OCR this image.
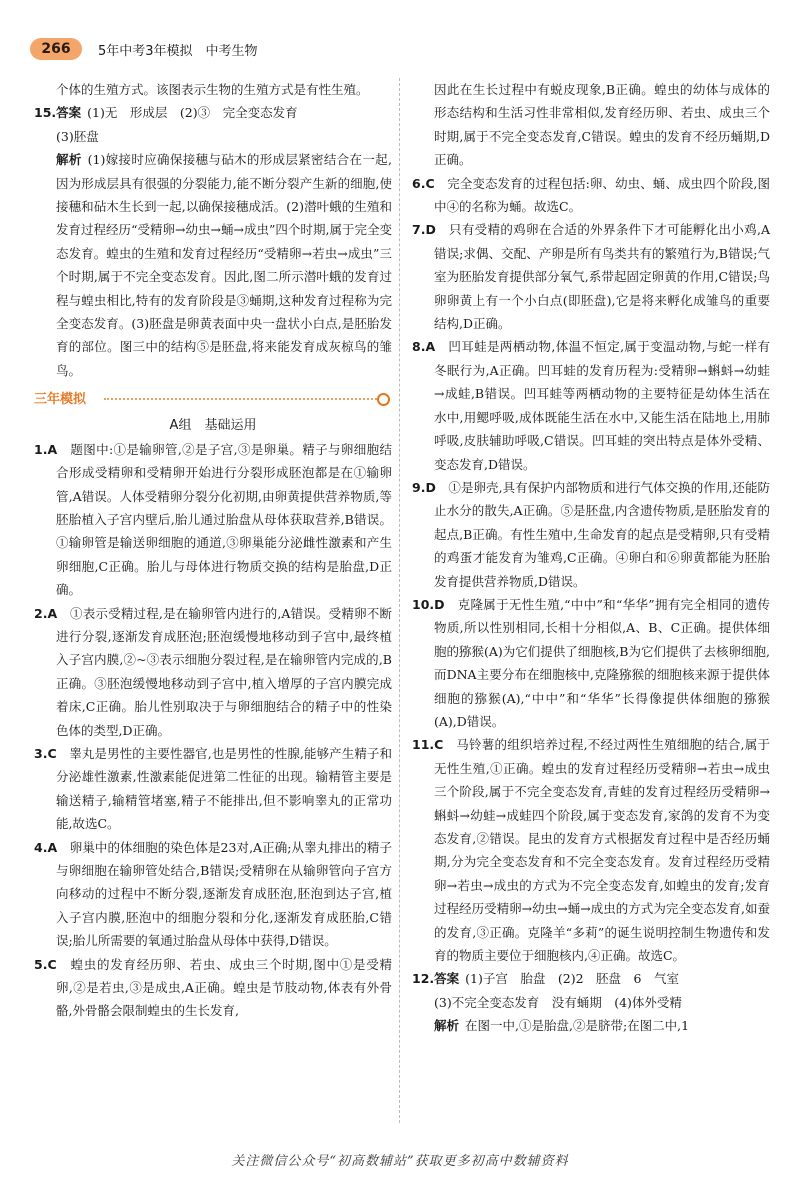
266	5年中考3年模拟　中考生物

个体的生殖方式。该图表示生物的生殖方式是有性生殖。

15.答案 (1)无　形成层　(2)③　完全变态发育

(3)胚盘

解析 (1)嫁接时应确保接穗与砧木的形成层紧密结合在一起,因为形成层具有很强的分裂能力,能不断分裂产生新的细胞,使接穗和砧木生长到一起,以确保接穗成活。(2)潜叶蛾的生殖和发育过程经历“受精卵→幼虫→蛹→成虫”四个时期,属于完全变态发育。蝗虫的生殖和发育过程经历“受精卵→若虫→成虫”三个时期,属于不完全变态发育。因此,图二所示潜叶蛾的发育过程与蝗虫相比,特有的发育阶段是③蛹期,这种发育过程称为完全变态发育。(3)胚盘是卵黄表面中央一盘状小白点,是胚胎发育的部位。图三中的结构⑤是胚盘,将来能发育成灰椋鸟的雏鸟。

三年模拟

A组　基础运用

1.A　 题图中:①是输卵管,②是子宫,③是卵巢。精子与卵细胞结合形成受精卵和受精卵开始进行分裂形成胚泡都是在①输卵管,A错误。人体受精卵分裂分化初期,由卵黄提供营养物质,等胚胎植入子宫内壁后,胎儿通过胎盘从母体获取营养,B错误。①输卵管是输送卵细胞的通道,③卵巢能分泌雌性激素和产生卵细胞,C正确。胎儿与母体进行物质交换的结构是胎盘,D正确。

2.A　 ①表示受精过程,是在输卵管内进行的,A错误。受精卵不断进行分裂,逐渐发育成胚泡;胚泡缓慢地移动到子宫中,最终植入子宫内膜,②~③表示细胞分裂过程,是在输卵管内完成的,B正确。③胚泡缓慢地移动到子宫中,植入增厚的子宫内膜完成着床,C正确。胎儿性别取决于与卵细胞结合的精子中的性染色体的类型,D正确。

3.C　 睾丸是男性的主要性器官,也是男性的性腺,能够产生精子和分泌雄性激素,性激素能促进第二性征的出现。输精管主要是输送精子,输精管堵塞,精子不能排出,但不影响睾丸的正常功能,故选C。

4.A　 卵巢中的体细胞的染色体是23对,A正确;从睾丸排出的精子与卵细胞在输卵管处结合,B错误;受精卵在从输卵管向子宫方向移动的过程中不断分裂,逐渐发育成胚泡,胚泡到达子宫,植入子宫内膜,胚泡中的细胞分裂和分化,逐渐发育成胚胎,C错误;胎儿所需要的氧通过胎盘从母体中获得,D错误。

5.C　 蝗虫的发育经历卵、若虫、成虫三个时期,图中①是受精卵,②是若虫,③是成虫,A正确。蝗虫是节肢动物,体表有外骨骼,外骨骼会限制蝗虫的生长发育,

因此在生长过程中有蜕皮现象,B正确。蝗虫的幼体与成体的形态结构和生活习性非常相似,发育经历卵、若虫、成虫三个时期,属于不完全变态发育,C错误。蝗虫的发育不经历蛹期,D正确。

6.C　 完全变态发育的过程包括:卵、幼虫、蛹、成虫四个阶段,图中④的名称为蛹。故选C。

7.D　 只有受精的鸡卵在合适的外界条件下才可能孵化出小鸡,A错误;求偶、交配、产卵是所有鸟类共有的繁殖行为,B错误;气室为胚胎发育提供部分氧气,系带起固定卵黄的作用,C错误;鸟卵卵黄上有一个小白点(即胚盘),它是将来孵化成雏鸟的重要结构,D正确。

8.A　 凹耳蛙是两栖动物,体温不恒定,属于变温动物,与蛇一样有冬眠行为,A正确。凹耳蛙的发育历程为:受精卵→蝌蚪→幼蛙→成蛙,B错误。凹耳蛙等两栖动物的主要特征是幼体生活在水中,用鳃呼吸,成体既能生活在水中,又能生活在陆地上,用肺呼吸,皮肤辅助呼吸,C错误。凹耳蛙的突出特点是体外受精、变态发育,D错误。

9.D　 ①是卵壳,具有保护内部物质和进行气体交换的作用,还能防止水分的散失,A正确。⑤是胚盘,内含遗传物质,是胚胎发育的起点,B正确。有性生殖中,生命发育的起点是受精卵,只有受精的鸡蛋才能发育为雏鸡,C正确。④卵白和⑥卵黄都能为胚胎发育提供营养物质,D错误。

10.D　 克隆属于无性生殖,“中中”和“华华”拥有完全相同的遗传物质,所以性别相同,长相十分相似,A、B、C正确。提供体细胞的猕猴(A)为它们提供了细胞核,B为它们提供了去核卵细胞,而DNA主要分布在细胞核中,克隆猕猴的细胞核来源于提供体细胞的猕猴(A),“中中”和“华华”长得像提供体细胞的猕猴(A),D错误。

11.C　 马铃薯的组织培养过程,不经过两性生殖细胞的结合,属于无性生殖,①正确。蝗虫的发育过程经历受精卵→若虫→成虫三个阶段,属于不完全变态发育,青蛙的发育过程经历受精卵→蝌蚪→幼蛙→成蛙四个阶段,属于变态发育,家鸽的发育不为变态发育,②错误。昆虫的发育方式根据发育过程中是否经历蛹期,分为完全变态发育和不完全变态发育。发育过程经历受精卵→若虫→成虫的方式为不完全变态发育,如蝗虫的发育;发育过程经历受精卵→幼虫→蛹→成虫的方式为完全变态发育,如蚕的发育,③正确。克隆羊“多莉”的诞生说明控制生物遗传和发育的物质主要位于细胞核内,④正确。故选C。

12.答案 (1)子宫　胎盘　(2)2　胚盘　6　气室

(3)不完全变态发育　没有蛹期　(4)体外受精

解析 在图一中,①是胎盘,②是脐带;在图二中,1

关注微信公众号“初高数辅站”获取更多初高中数辅资料
